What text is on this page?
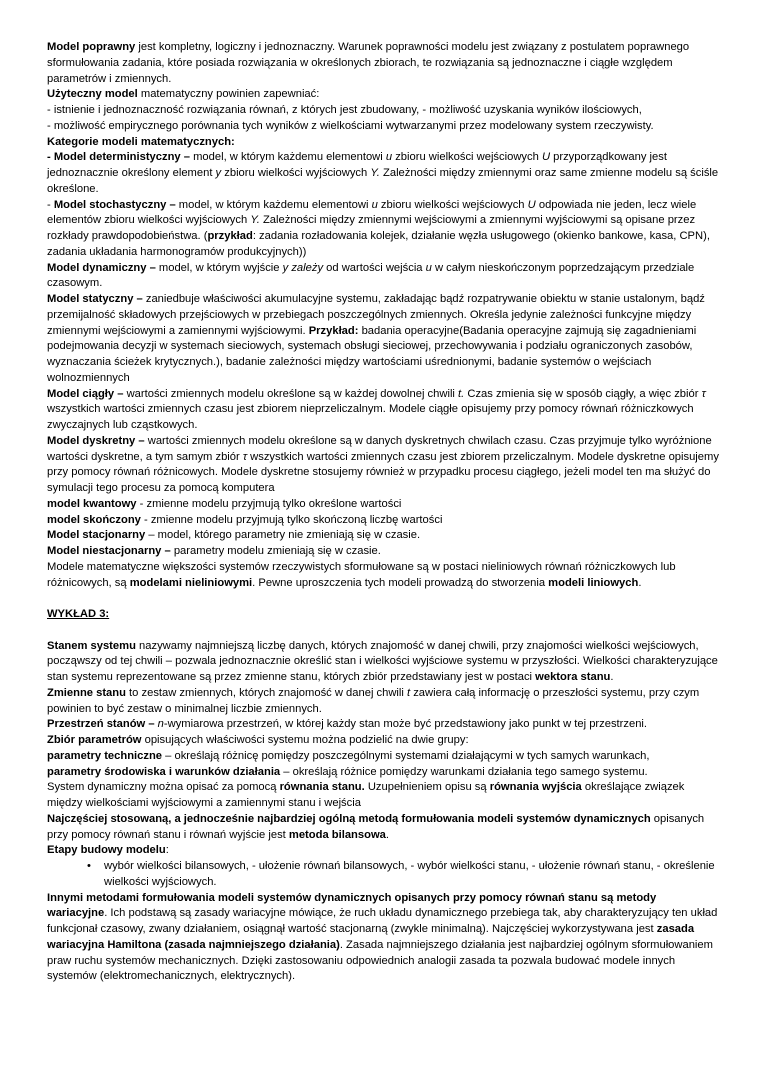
Model poprawny jest kompletny, logiczny i jednoznaczny. Warunek poprawności modelu jest związany z postulatem poprawnego sformułowania zadania, które posiada rozwiązania w określonych zbiorach, te rozwiązania są jednoznaczne i ciągłe względem parametrów i zmiennych.

Użyteczny model matematyczny powinien zapewniać:

- istnienie i jednoznaczność rozwiązania równań, z których jest zbudowany, - możliwość uzyskania wyników ilościowych,

- możliwość empirycznego porównania tych wyników z wielkościami wytwarzanymi przez modelowany system rzeczywisty.

Kategorie modeli matematycznych:

- Model deterministyczny – model, w którym każdemu elementowi u zbioru wielkości wejściowych U przyporządkowany jest jednoznacznie określony element y zbioru wielkości wyjściowych Y. Zależności między zmiennymi oraz same zmienne modelu są ściśle określone.

- Model stochastyczny – model, w którym każdemu elementowi u zbioru wielkości wejściowych U odpowiada nie jeden, lecz wiele elementów zbioru wielkości wyjściowych Y. Zależności między zmiennymi wejściowymi a zmiennymi wyjściowymi są opisane przez rozkłady prawdopodobieństwa. (przykład: zadania rozładowania kolejek, działanie węzła usługowego (okienko bankowe, kasa, CPN), zadania układania harmonogramów produkcyjnych))

Model dynamiczny – model, w którym wyjście y zależy od wartości wejścia u w całym nieskończonym poprzedzającym przedziale czasowym.

Model statyczny – zaniedbuje właściwości akumulacyjne systemu, zakładając bądź rozpatrywanie obiektu w stanie ustalonym, bądź przemijalność składowych przejściowych w przebiegach poszczególnych zmiennych. Określa jedynie zależności funkcyjne między zmiennymi wejściowymi a zamiennymi wyjściowymi. Przykład: badania operacyjne(Badania operacyjne zajmują się zagadnieniami podejmowania decyzji w systemach sieciowych, systemach obsługi sieciowej, przechowywania i podziału ograniczonych zasobów, wyznaczania ścieżek krytycznych.), badanie zależności między wartościami uśrednionymi, badanie systemów o wejściach wolnozmiennych

Model ciągły – wartości zmiennych modelu określone są w każdej dowolnej chwili t. Czas zmienia się w sposób ciągły, a więc zbiór τ wszystkich wartości zmiennych czasu jest zbiorem nieprzeliczalnym. Modele ciągłe opisujemy przy pomocy równań różniczkowych zwyczajnych lub cząstkowych.

Model dyskretny – wartości zmiennych modelu określone są w danych dyskretnych chwilach czasu. Czas przyjmuje tylko wyróżnione wartości dyskretne, a tym samym zbiór τ wszystkich wartości zmiennych czasu jest zbiorem przeliczalnym. Modele dyskretne opisujemy przy pomocy równań różnicowych. Modele dyskretne stosujemy również w przypadku procesu ciągłego, jeżeli model ten ma służyć do symulacji tego procesu za pomocą komputera

model kwantowy - zmienne modelu przyjmują tylko określone wartości

model skończony - zmienne modelu przyjmują tylko skończoną liczbę wartości

Model stacjonarny – model, którego parametry nie zmieniają się w czasie.

Model niestacjonarny – parametry modelu zmieniają się w czasie.

Modele matematyczne większości systemów rzeczywistych sformułowane są w postaci nieliniowych równań różniczkowych lub różnicowych, są modelami nieliniowymi. Pewne uproszczenia tych modeli prowadzą do stworzenia modeli liniowych.

WYKŁAD 3:

Stanem systemu nazywamy najmniejszą liczbę danych, których znajomość w danej chwili, przy znajomości wielkości wejściowych, począwszy od tej chwili – pozwala jednoznacznie określić stan i wielkości wyjściowe systemu w przyszłości. Wielkości charakteryzujące stan systemu reprezentowane są przez zmienne stanu, których zbiór przedstawiany jest w postaci wektora stanu.

Zmienne stanu to zestaw zmiennych, których znajomość w danej chwili t zawiera całą informację o przeszłości systemu, przy czym powinien to być zestaw o minimalnej liczbie zmiennych.

Przestrzeń stanów – n-wymiarowa przestrzeń, w której każdy stan może być przedstawiony jako punkt w tej przestrzeni.

Zbiór parametrów opisujących właściwości systemu można podzielić na dwie grupy:

parametry techniczne – określają różnicę pomiędzy poszczególnymi systemami działającymi w tych samych warunkach,

parametry środowiska i warunków działania – określają różnice pomiędzy warunkami działania tego samego systemu.

System dynamiczny można opisać za pomocą równania stanu. Uzupełnieniem opisu są równania wyjścia określające związek między wielkościami wyjściowymi a zamiennymi stanu i wejścia

Najczęściej stosowaną, a jednocześnie najbardziej ogólną metodą formułowania modeli systemów dynamicznych opisanych przy pomocy równań stanu i równań wyjście jest metoda bilansowa.

Etapy budowy modelu:

• wybór wielkości bilansowych, - ułożenie równań bilansowych, - wybór wielkości stanu, - ułożenie równań stanu, - określenie wielkości wyjściowych.

Innymi metodami formułowania modeli systemów dynamicznych opisanych przy pomocy równań stanu są metody wariacyjne. Ich podstawą są zasady wariacyjne mówiące, że ruch układu dynamicznego przebiega tak, aby charakteryzujący ten układ funkcjonał czasowy, zwany działaniem, osiągnął wartość stacjonarną (zwykle minimalną). Najczęściej wykorzystywana jest zasada wariacyjna Hamiltona (zasada najmniejszego działania). Zasada najmniejszego działania jest najbardziej ogólnym sformułowaniem praw ruchu systemów mechanicznych. Dzięki zastosowaniu odpowiednich analogii zasada ta pozwala budować modele innych systemów (elektromechanicznych, elektrycznych).
